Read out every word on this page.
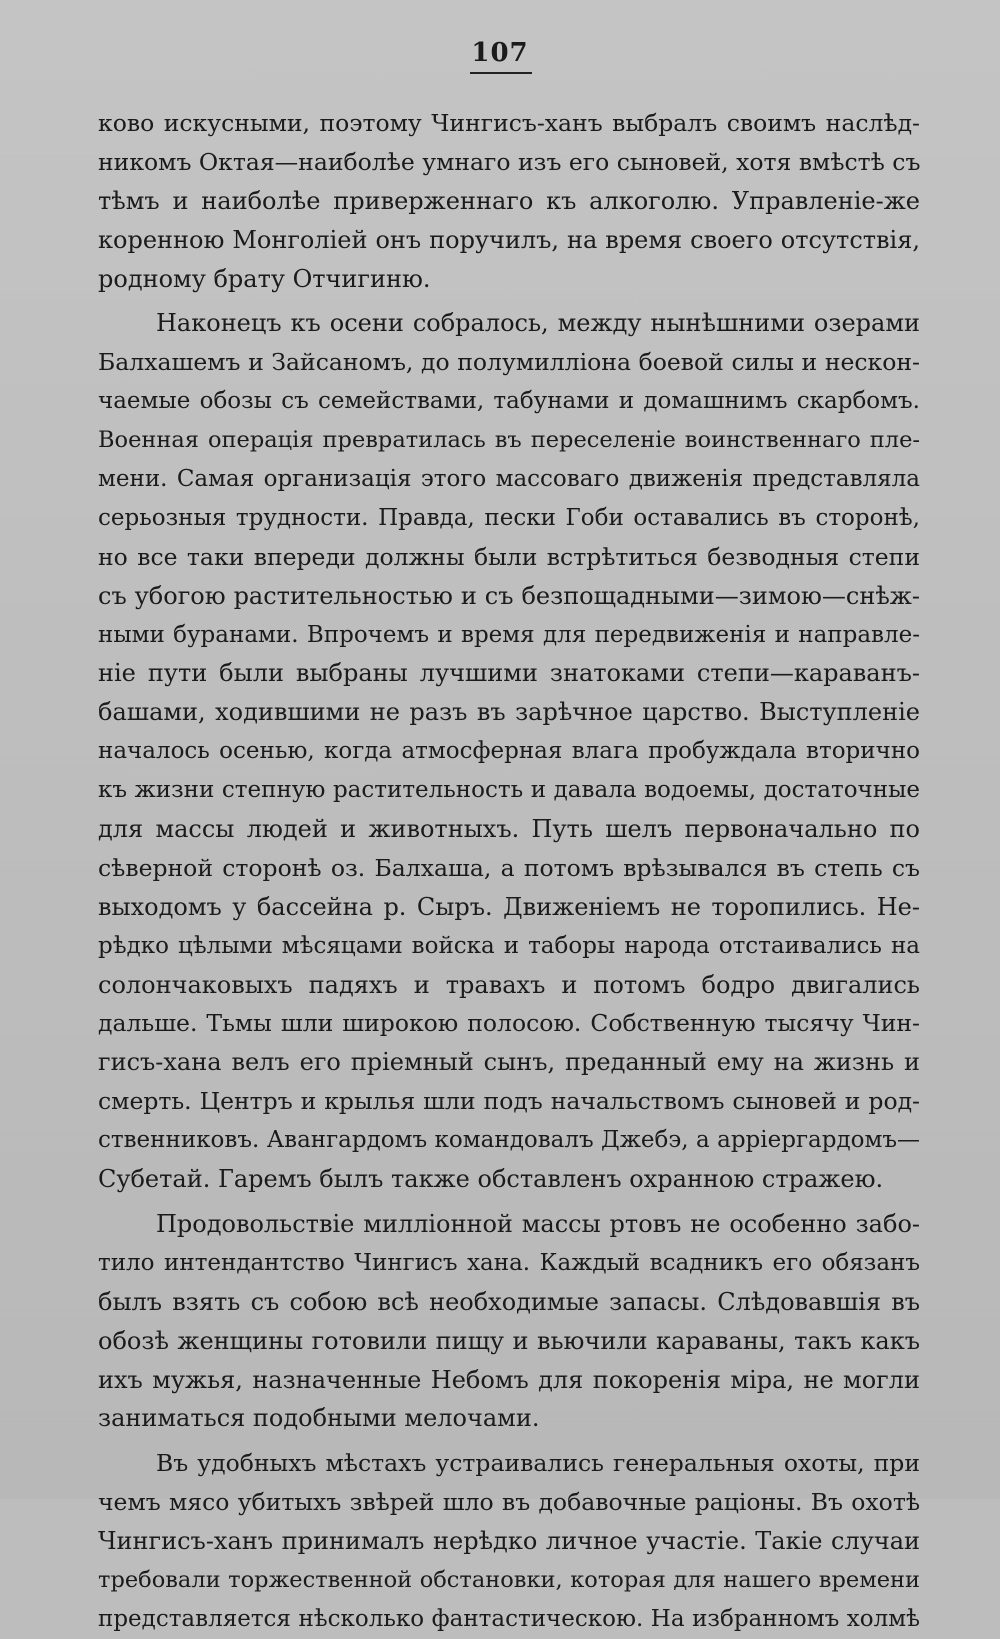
107
ково искусными, поэтому Чингисъ-ханъ выбралъ своимъ наслѣд-
никомъ Октая—наиболѣе умнаго изъ его сыновей, хотя вмѣстѣ съ
тѣмъ и наиболѣе приверженнаго къ алкоголю. Управленіе-же
коренною Монголіей онъ поручилъ, на время своего отсутствія,
родному брату Отчигиню.
Наконецъ къ осени собралось, между нынѣшними озерами
Балхашемъ и Зайсаномъ, до полумилліона боевой силы и нескон-
чаемые обозы съ семействами, табунами и домашнимъ скарбомъ.
Военная операція превратилась въ переселеніе воинственнаго пле-
мени. Самая организація этого массоваго движенія представляла
серьозныя трудности. Правда, пески Гоби оставались въ сторонѣ,
но все таки впереди должны были встрѣтиться безводныя степи
съ убогою растительностью и съ безпощадными—зимою—снѣж-
ными буранами. Впрочемъ и время для передвиженія и направле-
ніе пути были выбраны лучшими знатоками степи—караванъ-
башами, ходившими не разъ въ зарѣчное царство. Выступленіе
началось осенью, когда атмосферная влага пробуждала вторично
къ жизни степную растительность и давала водоемы, достаточные
для массы людей и животныхъ. Путь шелъ первоначально по
сѣверной сторонѣ оз. Балхаша, а потомъ врѣзывался въ степь съ
выходомъ у бассейна р. Сыръ. Движеніемъ не торопились. Не-
рѣдко цѣлыми мѣсяцами войска и таборы народа отстаивались на
солончаковыхъ падяхъ и травахъ и потомъ бодро двигались
дальше. Тьмы шли широкою полосою. Собственную тысячу Чин-
гисъ-хана велъ его пріемный сынъ, преданный ему на жизнь и
смерть. Центръ и крылья шли подъ начальствомъ сыновей и род-
ственниковъ. Авангардомъ командовалъ Джебэ, а арріергардомъ—
Субетай. Гаремъ былъ также обставленъ охранною стражею.
Продовольствіе милліонной массы ртовъ не особенно забо-
тило интендантство Чингисъ хана. Каждый всадникъ его обязанъ
былъ взять съ собою всѣ необходимые запасы. Слѣдовавшія въ
обозѣ женщины готовили пищу и вьючили караваны, такъ какъ
ихъ мужья, назначенные Небомъ для покоренія міра, не могли
заниматься подобными мелочами.
Въ удобныхъ мѣстахъ устраивались генеральныя охоты, при
чемъ мясо убитыхъ звѣрей шло въ добавочные раціоны. Въ охотѣ
Чингисъ-ханъ принималъ нерѣдко личное участіе. Такіе случаи
требовали торжественной обстановки, которая для нашего времени
представляется нѣсколько фантастическою. На избранномъ холмѣ
